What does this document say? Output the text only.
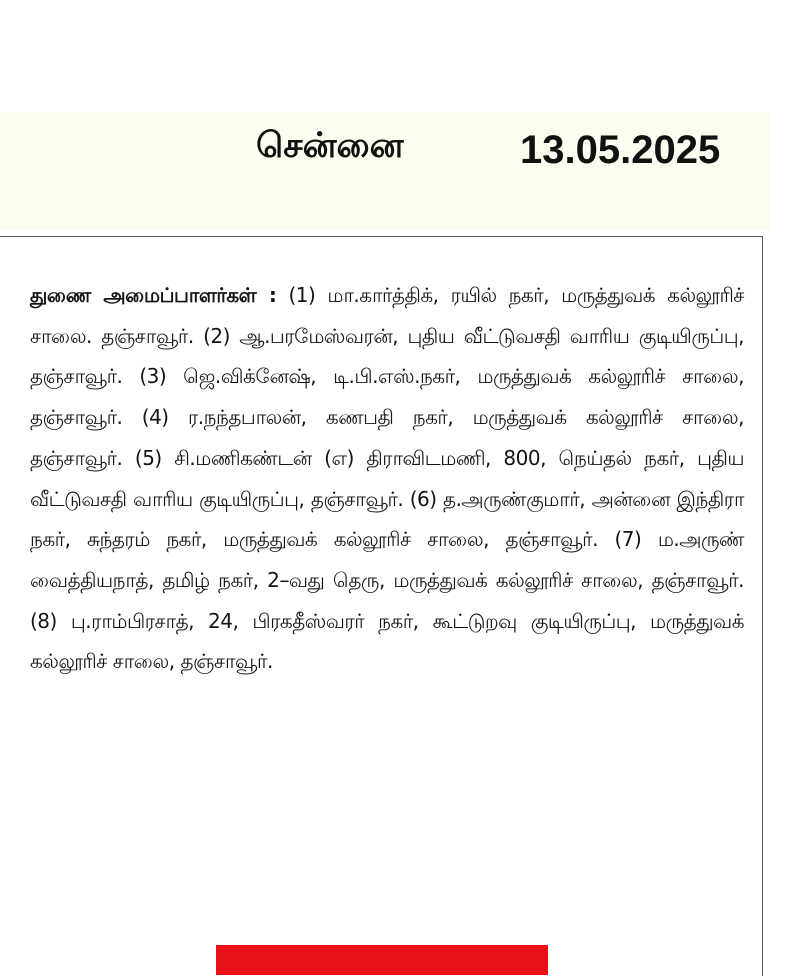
சென்னை	13.05.2025

துணை அமைப்பாளர்கள் : (1) மா.கார்த்திக், ரயில் நகர், மருத்துவக் கல்லூரிச் சாலை. தஞ்சாவூர். (2) ஆ.பரமேஸ்வரன், புதிய வீட்டுவசதி வாரிய குடியிருப்பு, தஞ்சாவூர். (3) ஜெ.விக்னேஷ், டி.பி.எஸ்.நகர், மருத்துவக் கல்லூரிச் சாலை, தஞ்சாவூர். (4) ர.நந்தபாலன், கணபதி நகர், மருத்துவக் கல்லூரிச் சாலை, தஞ்சாவூர். (5) சி.மணிகண்டன் (எ) திராவிடமணி, 800, நெய்தல் நகர், புதிய வீட்டுவசதி வாரிய குடியிருப்பு, தஞ்சாவூர். (6) த.அருண்குமார், அன்னை இந்திரா நகர், சுந்தரம் நகர், மருத்துவக் கல்லூரிச் சாலை, தஞ்சாவூர். (7) ம.அருண் வைத்தியநாத், தமிழ் நகர், 2–வது தெரு, மருத்துவக் கல்லூரிச் சாலை, தஞ்சாவூர். (8) பு.ராம்பிரசாத், 24, பிரகதீஸ்வரர் நகர், கூட்டுறவு குடியிருப்பு, மருத்துவக் கல்லூரிச் சாலை, தஞ்சாவூர்.
